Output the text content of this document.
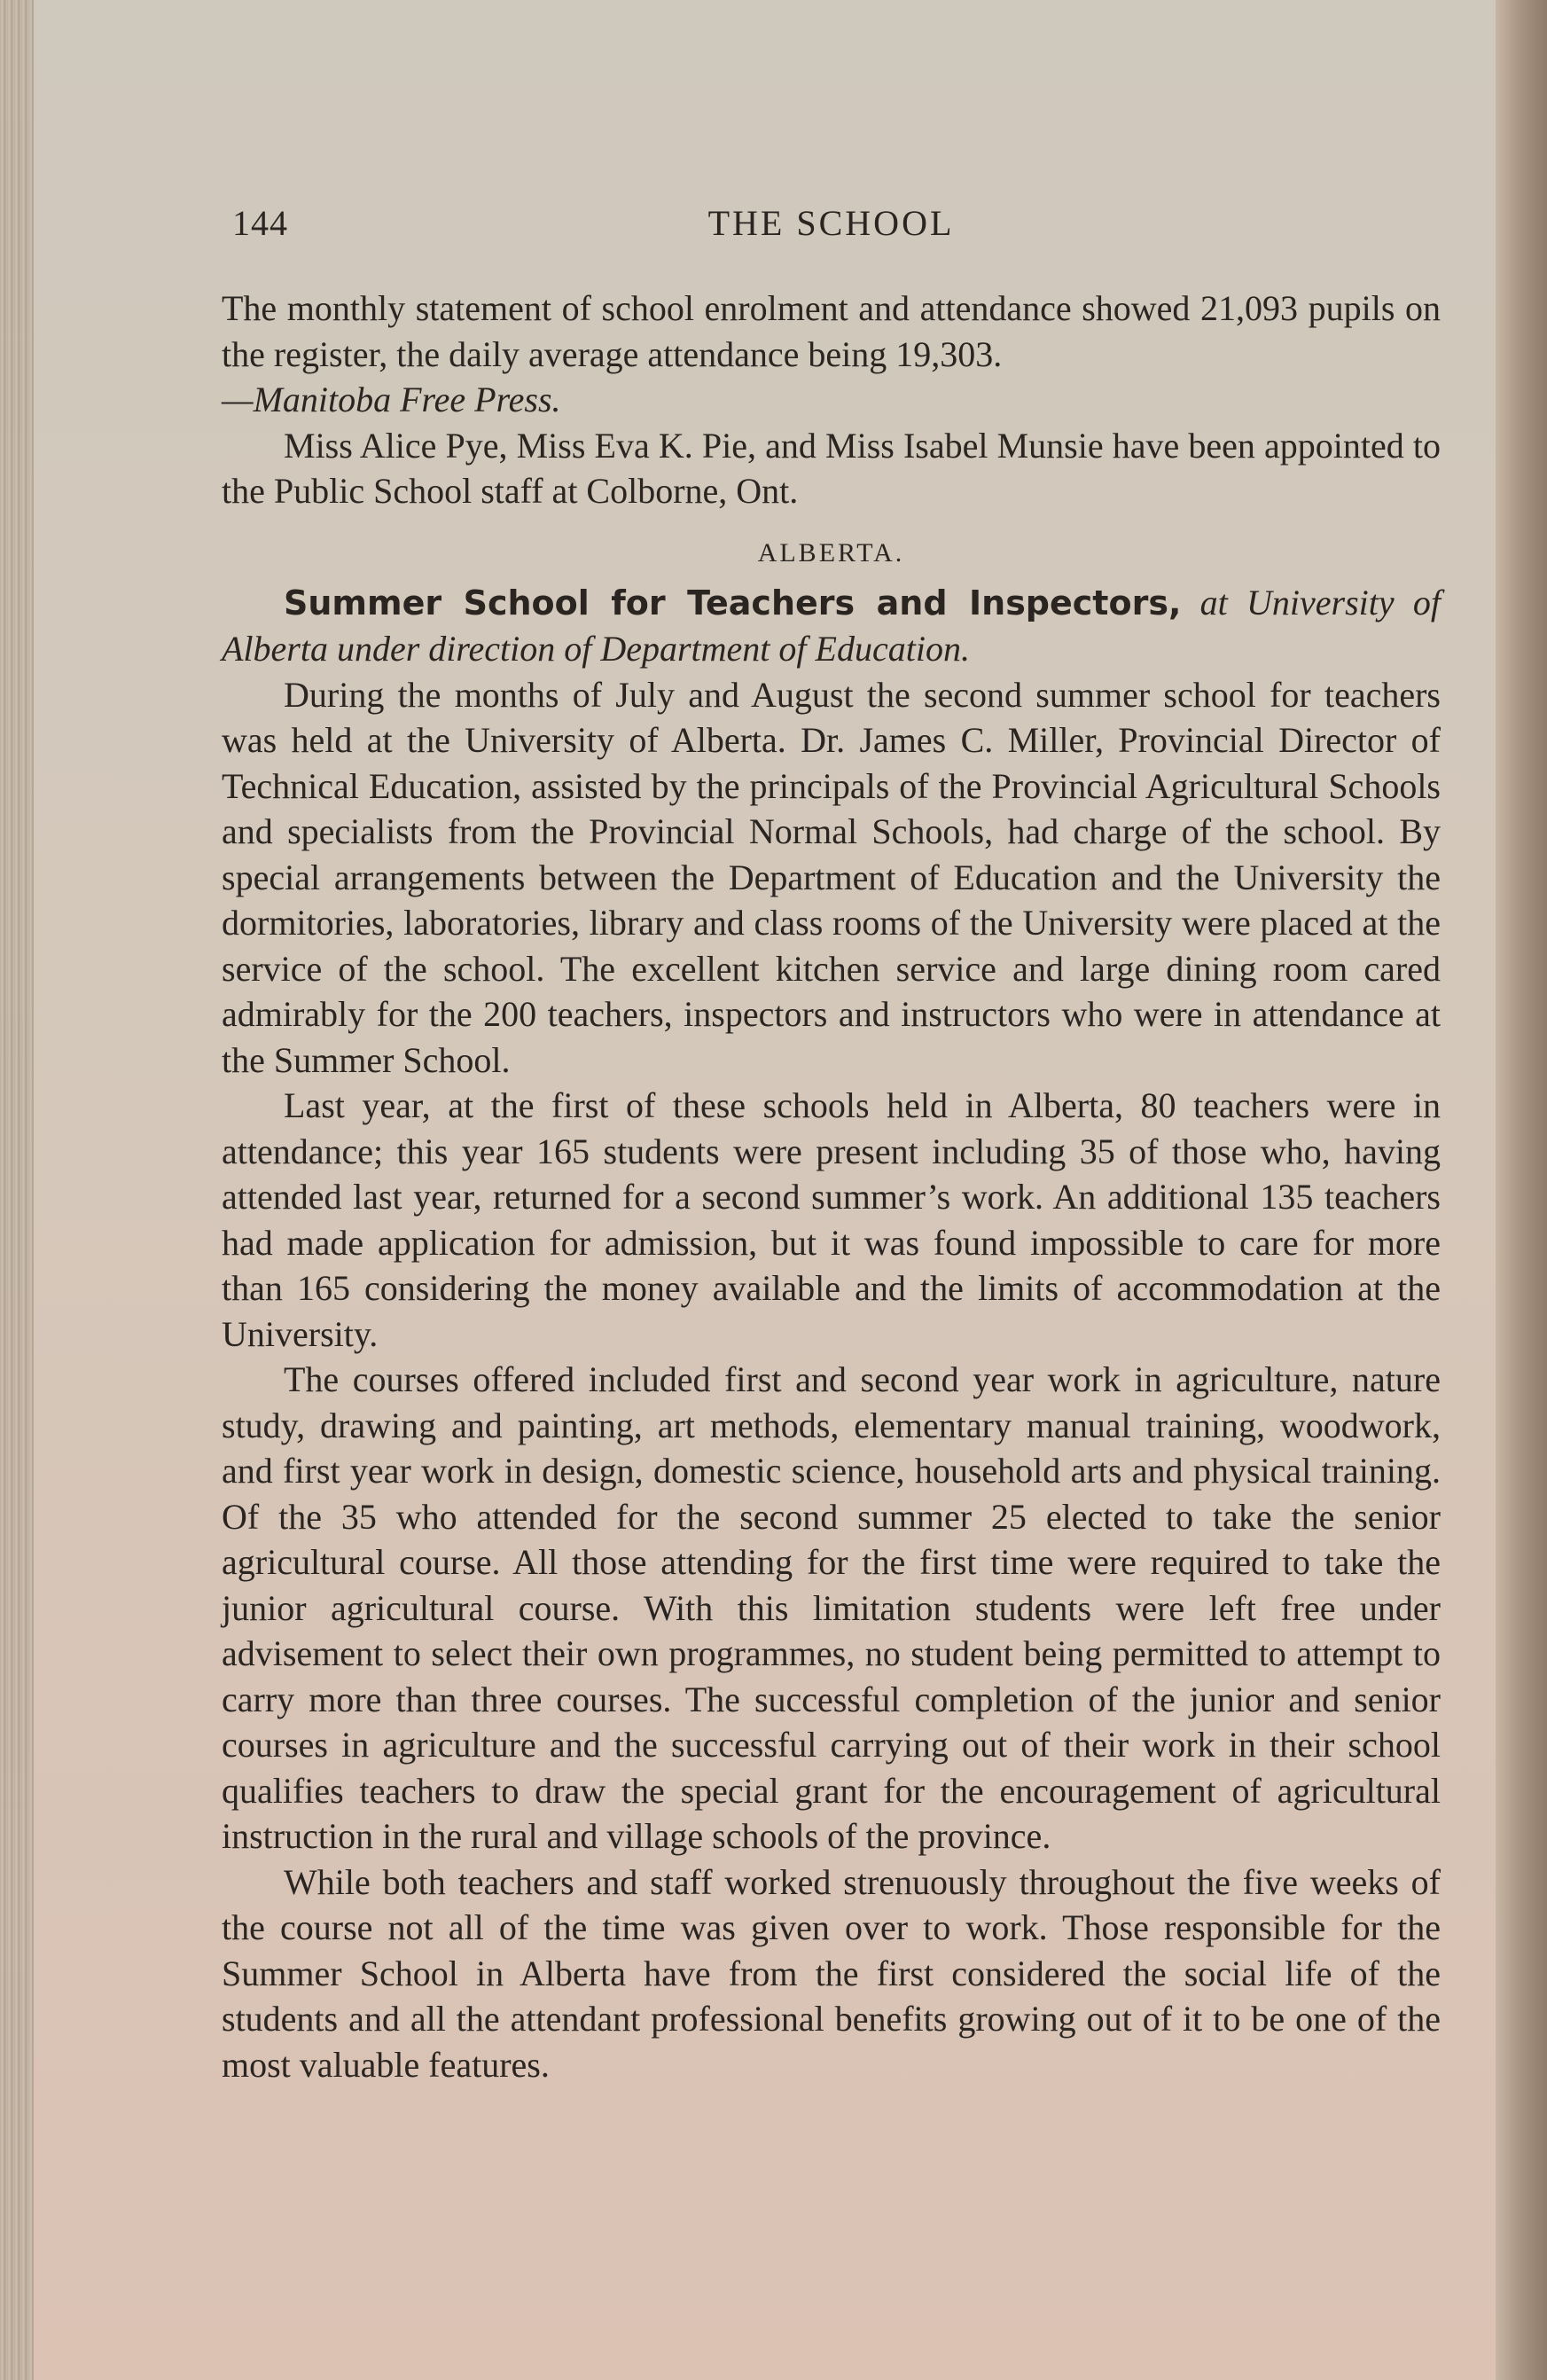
144	THE SCHOOL

The monthly statement of school enrolment and attendance showed 21,093 pupils on the register, the daily average attendance being 19,303.
—Manitoba Free Press.

Miss Alice Pye, Miss Eva K. Pie, and Miss Isabel Munsie have been appointed to the Public School staff at Colborne, Ont.

ALBERTA.

Summer School for Teachers and Inspectors, at University of Alberta under direction of Department of Education.

During the months of July and August the second summer school for teachers was held at the University of Alberta. Dr. James C. Miller, Provincial Director of Technical Education, assisted by the principals of the Provincial Agricultural Schools and specialists from the Provincial Normal Schools, had charge of the school. By special arrangements between the Department of Education and the University the dormitories, laboratories, library and class rooms of the University were placed at the service of the school. The excellent kitchen service and large dining room cared admirably for the 200 teachers, inspectors and instructors who were in attendance at the Summer School.

Last year, at the first of these schools held in Alberta, 80 teachers were in attendance; this year 165 students were present including 35 of those who, having attended last year, returned for a second summer’s work. An additional 135 teachers had made application for admission, but it was found impossible to care for more than 165 considering the money available and the limits of accommodation at the University.

The courses offered included first and second year work in agriculture, nature study, drawing and painting, art methods, elementary manual training, woodwork, and first year work in design, domestic science, household arts and physical training. Of the 35 who attended for the second summer 25 elected to take the senior agricultural course. All those attending for the first time were required to take the junior agricultural course. With this limitation students were left free under advisement to select their own programmes, no student being permitted to attempt to carry more than three courses. The successful completion of the junior and senior courses in agriculture and the successful carrying out of their work in their school qualifies teachers to draw the special grant for the encouragement of agricultural instruction in the rural and village schools of the province.

While both teachers and staff worked strenuously throughout the five weeks of the course not all of the time was given over to work. Those responsible for the Summer School in Alberta have from the first considered the social life of the students and all the attendant professional benefits growing out of it to be one of the most valuable features.
